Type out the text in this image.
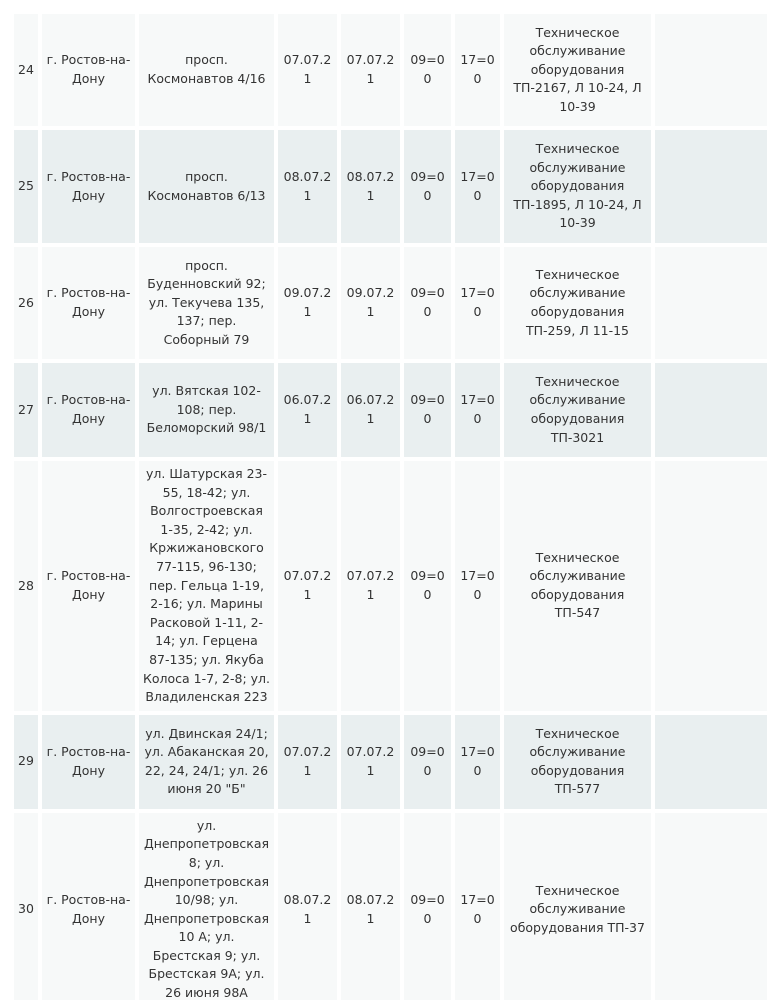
24	г. Ростов-на-Дону	просп. Космонавтов 4/16	07.07.21	07.07.21	09=00	17=00	Техническое обслуживание оборудования ТП-2167, Л 10-24, Л 10-39	
25	г. Ростов-на-Дону	просп. Космонавтов 6/13	08.07.21	08.07.21	09=00	17=00	Техническое обслуживание оборудования ТП-1895, Л 10-24, Л 10-39	
26	г. Ростов-на-Дону	просп. Буденновский 92; ул. Текучева 135, 137; пер. Соборный 79	09.07.21	09.07.21	09=00	17=00	Техническое обслуживание оборудования ТП-259, Л 11-15	
27	г. Ростов-на-Дону	ул. Вятская 102-108; пер. Беломорский 98/1	06.07.21	06.07.21	09=00	17=00	Техническое обслуживание оборудования ТП-3021	
28	г. Ростов-на-Дону	ул. Шатурская 23-55, 18-42; ул. Волгостроевская 1-35, 2-42; ул. Кржижановского 77-115, 96-130; пер. Гельца 1-19, 2-16; ул. Марины Расковой 1-11, 2-14; ул. Герцена 87-135; ул. Якуба Колоса 1-7, 2-8; ул. Владиленская 223	07.07.21	07.07.21	09=00	17=00	Техническое обслуживание оборудования ТП-547	
29	г. Ростов-на-Дону	ул. Двинская 24/1; ул. Абаканская 20, 22, 24, 24/1; ул. 26 июня 20 "Б"	07.07.21	07.07.21	09=00	17=00	Техническое обслуживание оборудования ТП-577	
30	г. Ростов-на-Дону	ул. Днепропетровская 8; ул. Днепропетровская 10/98; ул. Днепропетровская 10 А; ул. Брестская 9; ул. Брестская 9А; ул. 26 июня 98А	08.07.21	08.07.21	09=00	17=00	Техническое обслуживание оборудования ТП-37	
